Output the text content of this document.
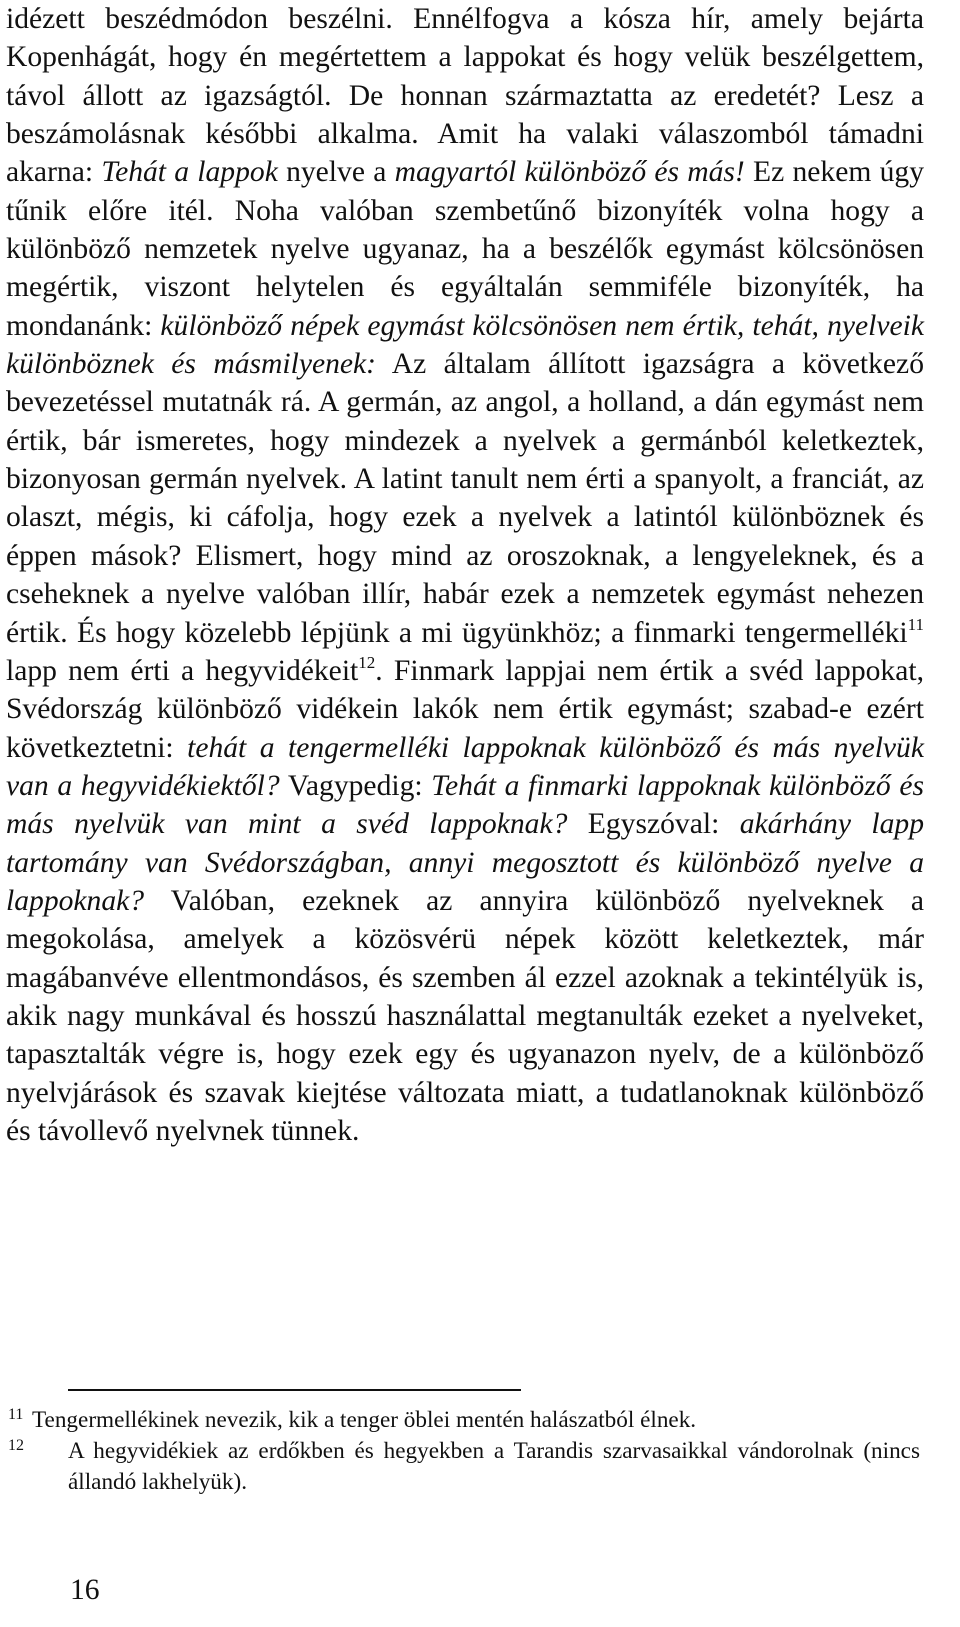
idézett beszédmódon beszélni. Ennélfogva a kósza hír, amely bejárta Kopenhágát, hogy én megértettem a lappokat és hogy velük beszélgettem, távol állott az igazságtól. De honnan származtatta az eredetét? Lesz a beszámolásnak későbbi alkalma. Amit ha valaki válaszomból támadni akarna: Tehát a lappok nyelve a magyartól különböző és más! Ez nekem úgy tűnik előre itél. Noha valóban szembetűnő bizonyíték volna hogy a különböző nemzetek nyelve ugyanaz, ha a beszélők egymást kölcsönösen megértik, viszont helytelen és egyáltalán semmiféle bizonyíték, ha mondanánk: különböző népek egymást kölcsönösen nem értik, tehát, nyelveik különböznek és másmilyenek: Az általam állított igazságra a következő bevezetéssel mutatnák rá. A germán, az angol, a holland, a dán egymást nem értik, bár ismeretes, hogy mindezek a nyelvek a germánból keletkeztek, bizonyosan germán nyelvek. A latint tanult nem érti a spanyolt, a franciát, az olaszt, mégis, ki cáfolja, hogy ezek a nyelvek a latintól különböznek és éppen mások? Elismert, hogy mind az oroszoknak, a lengyeleknek, és a cseheknek a nyelve valóban illír, habár ezek a nemzetek egymást nehezen értik. És hogy közelebb lépjünk a mi ügyünkhöz; a finmarki tengermelléki$^{11}$ lapp nem érti a hegyvidékeit$^{12}$. Finmark lappjai nem értik a svéd lappokat, Svédország különböző vidékein lakók nem értik egymást; szabad-e ezért következtetni: tehát a tengermelléki lappoknak különböző és más nyelvük van a hegyvidékiektől? Vagypedig: Tehát a finmarki lappoknak különböző és más nyelvük van mint a svéd lappoknak? Egyszóval: akárhány lapp tartomány van Svédországban, annyi megosztott és különböző nyelve a lappoknak? Valóban, ezeknek az annyira különböző nyelveknek a megokolása, amelyek a közösvérü népek között keletkeztek, már magábanvéve ellentmondásos, és szemben ál ezzel azoknak a tekintélyük is, akik nagy munkával és hosszú használattal megtanulták ezeket a nyelveket, tapasztalták végre is, hogy ezek egy és ugyanazon nyelv, de a különböző nyelvjárások és szavak kiejtése változata miatt, a tudatlanoknak különböző és távollevő nyelvnek tünnek.

11 Tengermellékinek nevezik, kik a tenger öblei mentén halászatból élnek.
12 A hegyvidékiek az erdőkben és hegyekben a Tarandis szarvasaikkal vándorolnak (nincs állandó lakhelyük).
16
